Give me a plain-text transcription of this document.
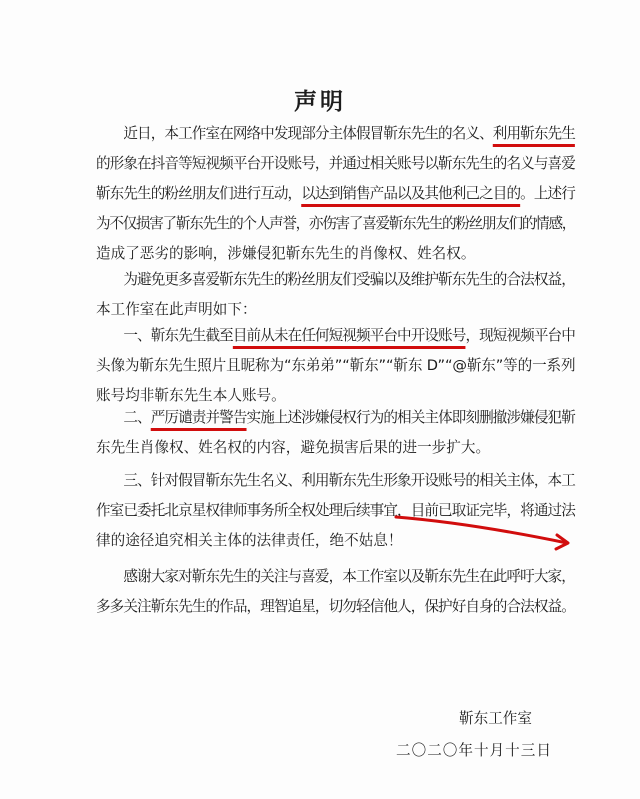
声明
　　近日，本工作室在网络中发现部分主体假冒靳东先生的名义、利用靳东先生
的形象在抖音等短视频平台开设账号，并通过相关账号以靳东先生的名义与喜爱
靳东先生的粉丝朋友们进行互动，以达到销售产品以及其他利己之目的。上述行
为不仅损害了靳东先生的个人声誉，亦伤害了喜爱靳东先生的粉丝朋友们的情感，
造成了恶劣的影响，涉嫌侵犯靳东先生的肖像权、姓名权。
　　为避免更多喜爱靳东先生的粉丝朋友们受骗以及维护靳东先生的合法权益，
本工作室在此声明如下：
　　一、靳东先生截至目前从未在任何短视频平台中开设账号，现短视频平台中
头像为靳东先生照片且昵称为“东弟弟”“靳东”“靳东 D”“@靳东”等的一系列
账号均非靳东先生本人账号。
　　二、严厉谴责并警告实施上述涉嫌侵权行为的相关主体即刻删撤涉嫌侵犯靳
东先生肖像权、姓名权的内容，避免损害后果的进一步扩大。
　　三、针对假冒靳东先生名义、利用靳东先生形象开设账号的相关主体，本工
作室已委托北京星权律师事务所全权处理后续事宜，目前已取证完毕，将通过法
律的途径追究相关主体的法律责任，绝不姑息！
　　感谢大家对靳东先生的关注与喜爱，本工作室以及靳东先生在此呼吁大家，
多多关注靳东先生的作品，理智追星，切勿轻信他人，保护好自身的合法权益。
靳东工作室
二〇二〇年十月十三日
